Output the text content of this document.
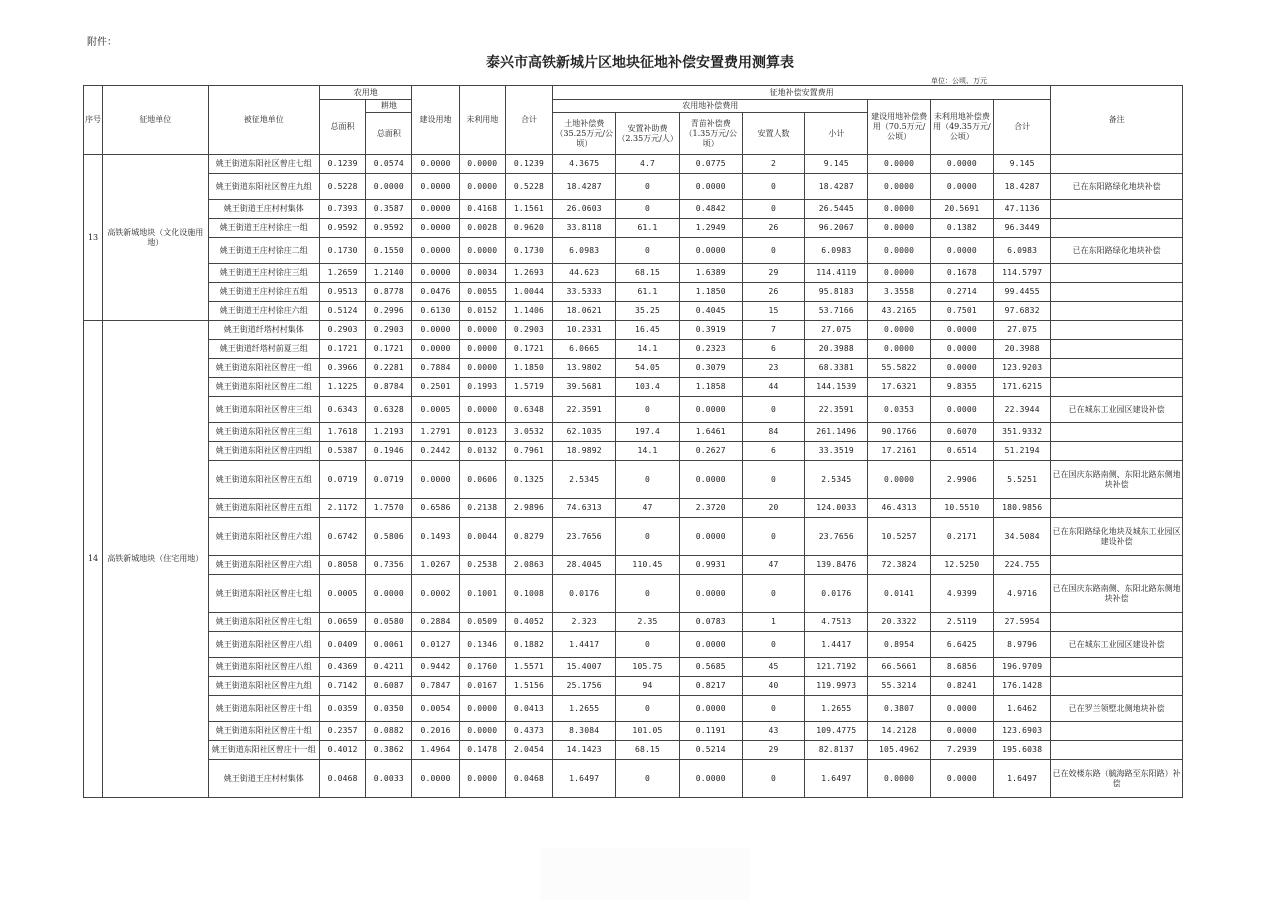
附件：
泰兴市高铁新城片区地块征地补偿安置费用测算表
单位：公顷、万元
序号	征地单位	被征地单位	农用地		建设用地	未利用地	合计	征地补偿安置费用								备注
			总面积	耕地				农用地补偿费用					建设用地补偿费用（70.5万元/公顷）	未利用地补偿费用（49.35万元/公顷）	合计	
				总面积				土地补偿费（35.25万元/公顷）	安置补助费（2.35万元/人）	青苗补偿费（1.35万元/公顷）	安置人数	小计				

13	高铁新城地块（文化设施用地）	姚王街道东阳社区曾庄七组	0.1239	0.0574	0.0000	0.0000	0.1239	4.3675	4.7	0.0775	2	9.145	0.0000	0.0000	9.145	
		姚王街道东阳社区曾庄九组	0.5228	0.0000	0.0000	0.0000	0.5228	18.4287	0	0.0000	0	18.4287	0.0000	0.0000	18.4287	已在东阳路绿化地块补偿
		姚王街道王庄村村集体	0.7393	0.3587	0.0000	0.4168	1.1561	26.0603	0	0.4842	0	26.5445	0.0000	20.5691	47.1136	
		姚王街道王庄村徐庄一组	0.9592	0.9592	0.0000	0.0028	0.9620	33.8118	61.1	1.2949	26	96.2067	0.0000	0.1382	96.3449	
		姚王街道王庄村徐庄二组	0.1730	0.1550	0.0000	0.0000	0.1730	6.0983	0	0.0000	0	6.0983	0.0000	0.0000	6.0983	已在东阳路绿化地块补偿
		姚王街道王庄村徐庄三组	1.2659	1.2140	0.0000	0.0034	1.2693	44.623	68.15	1.6389	29	114.4119	0.0000	0.1678	114.5797	
		姚王街道王庄村徐庄五组	0.9513	0.8778	0.0476	0.0055	1.0044	33.5333	61.1	1.1850	26	95.8183	3.3558	0.2714	99.4455	
		姚王街道王庄村徐庄六组	0.5124	0.2996	0.6130	0.0152	1.1406	18.0621	35.25	0.4045	15	53.7166	43.2165	0.7501	97.6832	
14	高铁新城地块（住宅用地）	姚王街道纤塔村村集体	0.2903	0.2903	0.0000	0.0000	0.2903	10.2331	16.45	0.3919	7	27.075	0.0000	0.0000	27.075	
		姚王街道纤塔村前夏三组	0.1721	0.1721	0.0000	0.0000	0.1721	6.0665	14.1	0.2323	6	20.3988	0.0000	0.0000	20.3988	
		姚王街道东阳社区曾庄一组	0.3966	0.2281	0.7884	0.0000	1.1850	13.9802	54.05	0.3079	23	68.3381	55.5822	0.0000	123.9203	
		姚王街道东阳社区曾庄二组	1.1225	0.8784	0.2501	0.1993	1.5719	39.5681	103.4	1.1858	44	144.1539	17.6321	9.8355	171.6215	
		姚王街道东阳社区曾庄三组	0.6343	0.6328	0.0005	0.0000	0.6348	22.3591	0	0.0000	0	22.3591	0.0353	0.0000	22.3944	已在城东工业园区建设补偿
		姚王街道东阳社区曾庄三组	1.7618	1.2193	1.2791	0.0123	3.0532	62.1035	197.4	1.6461	84	261.1496	90.1766	0.6070	351.9332	
		姚王街道东阳社区曾庄四组	0.5387	0.1946	0.2442	0.0132	0.7961	18.9892	14.1	0.2627	6	33.3519	17.2161	0.6514	51.2194	
		姚王街道东阳社区曾庄五组	0.0719	0.0719	0.0000	0.0606	0.1325	2.5345	0	0.0000	0	2.5345	0.0000	2.9906	5.5251	已在国庆东路南侧、东阳北路东侧地块补偿
		姚王街道东阳社区曾庄五组	2.1172	1.7570	0.6586	0.2138	2.9896	74.6313	47	2.3720	20	124.0033	46.4313	10.5510	180.9856	
		姚王街道东阳社区曾庄六组	0.6742	0.5806	0.1493	0.0044	0.8279	23.7656	0	0.0000	0	23.7656	10.5257	0.2171	34.5084	已在东阳路绿化地块及城东工业园区建设补偿
		姚王街道东阳社区曾庄六组	0.8058	0.7356	1.0267	0.2538	2.0863	28.4045	110.45	0.9931	47	139.8476	72.3824	12.5250	224.755	
		姚王街道东阳社区曾庄七组	0.0005	0.0000	0.0002	0.1001	0.1008	0.0176	0	0.0000	0	0.0176	0.0141	4.9399	4.9716	已在国庆东路南侧、东阳北路东侧地块补偿
		姚王街道东阳社区曾庄七组	0.0659	0.0580	0.2884	0.0509	0.4052	2.323	2.35	0.0783	1	4.7513	20.3322	2.5119	27.5954	
		姚王街道东阳社区曾庄八组	0.0409	0.0061	0.0127	0.1346	0.1882	1.4417	0	0.0000	0	1.4417	0.8954	6.6425	8.9796	已在城东工业园区建设补偿
		姚王街道东阳社区曾庄八组	0.4369	0.4211	0.9442	0.1760	1.5571	15.4007	105.75	0.5685	45	121.7192	66.5661	8.6856	196.9709	
		姚王街道东阳社区曾庄九组	0.7142	0.6087	0.7847	0.0167	1.5156	25.1756	94	0.8217	40	119.9973	55.3214	0.8241	176.1428	
		姚王街道东阳社区曾庄十组	0.0359	0.0350	0.0054	0.0000	0.0413	1.2655	0	0.0000	0	1.2655	0.3807	0.0000	1.6462	已在罗兰领墅北侧地块补偿
		姚王街道东阳社区曾庄十组	0.2357	0.0882	0.2016	0.0000	0.4373	8.3084	101.05	0.1191	43	109.4775	14.2128	0.0000	123.6903	
		姚王街道东阳社区曾庄十一组	0.4012	0.3862	1.4964	0.1478	2.0454	14.1423	68.15	0.5214	29	82.8137	105.4962	7.2939	195.6038	
		姚王街道王庄村村集体	0.0468	0.0033	0.0000	0.0000	0.0468	1.6497	0	0.0000	0	1.6497	0.0000	0.0000	1.6497	已在姣楼东路（毓海路至东阳路）补偿
